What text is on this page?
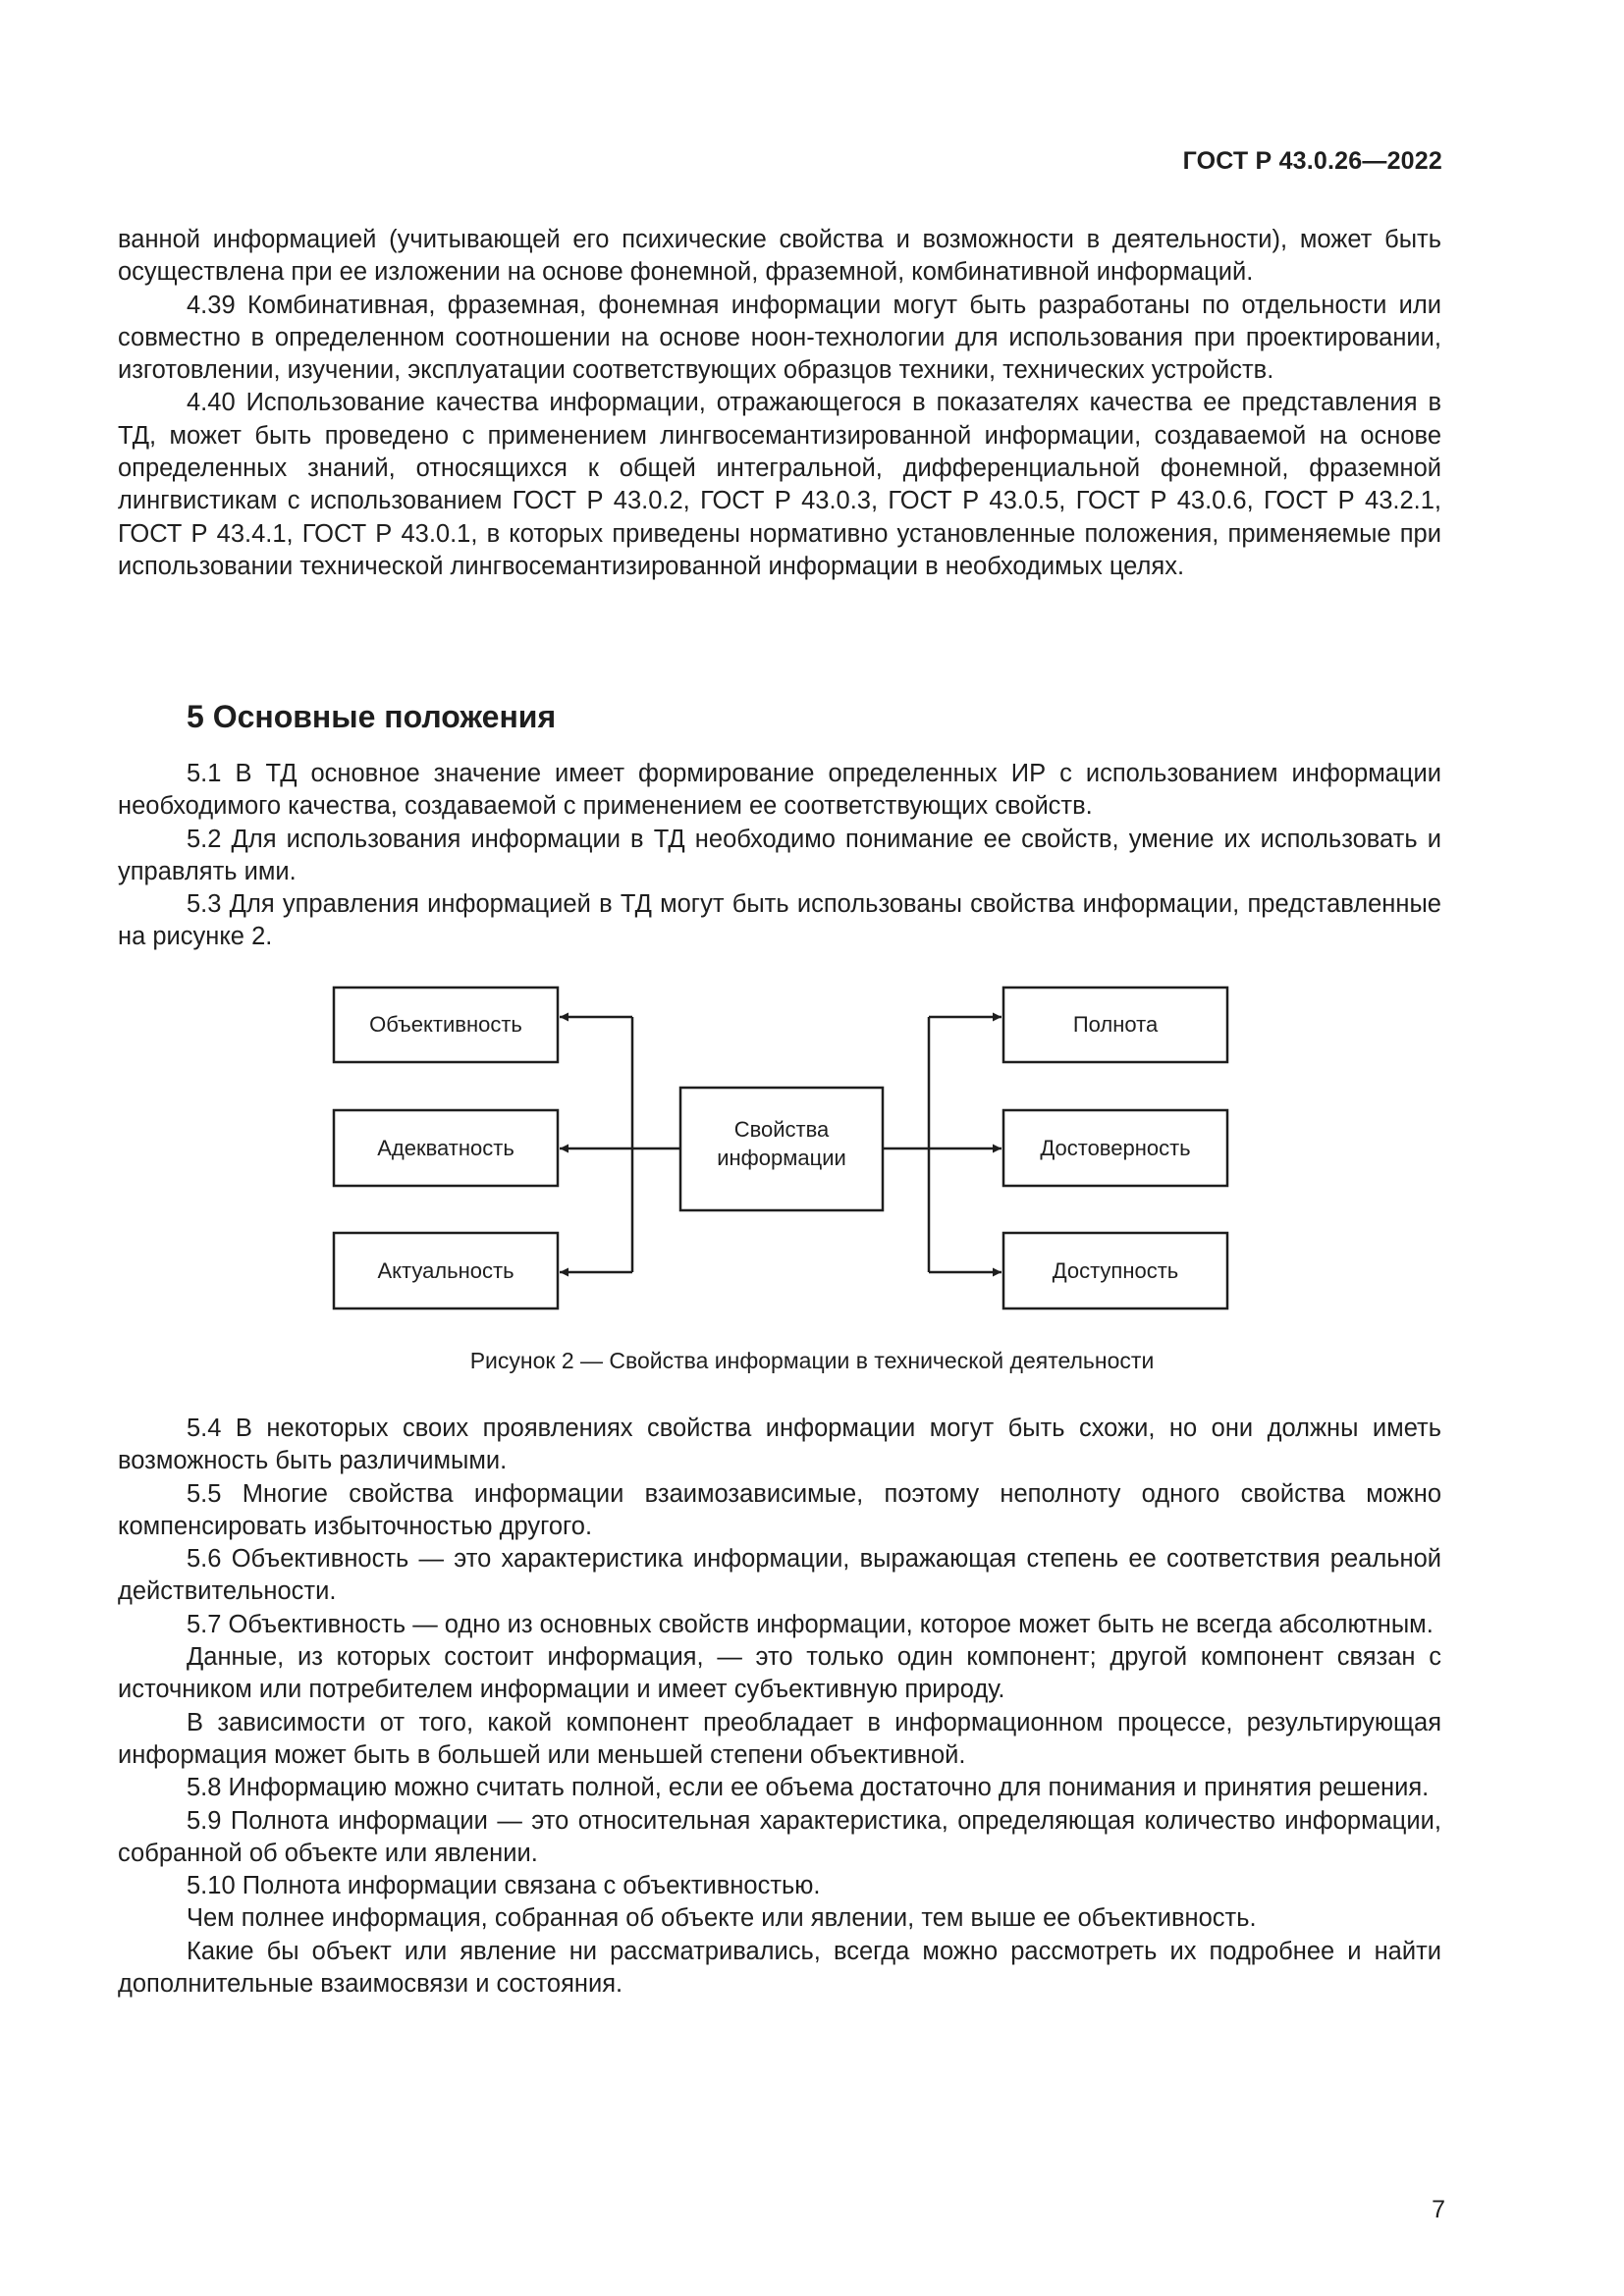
ГОСТ Р 43.0.26—2022

ванной информацией (учитывающей его психические свойства и возможности в деятельности), может быть осуществлена при ее изложении на основе фонемной, фраземной, комбинативной информаций.

4.39 Комбинативная, фраземная, фонемная информации могут быть разработаны по отдельности или совместно в определенном соотношении на основе ноон-технологии для использования при проектировании, изготовлении, изучении, эксплуатации соответствующих образцов техники, технических устройств.

4.40 Использование качества информации, отражающегося в показателях качества ее представления в ТД, может быть проведено с применением лингвосемантизированной информации, создаваемой на основе определенных знаний, относящихся к общей интегральной, дифференциальной фонемной, фраземной лингвистикам с использованием ГОСТ Р 43.0.2, ГОСТ Р 43.0.3, ГОСТ Р 43.0.5, ГОСТ Р 43.0.6, ГОСТ Р 43.2.1, ГОСТ Р 43.4.1, ГОСТ Р 43.0.1, в которых приведены нормативно установленные положения, применяемые при использовании технической лингвосемантизированной информации в необходимых целях.

5 Основные положения

5.1 В ТД основное значение имеет формирование определенных ИР с использованием информации необходимого качества, создаваемой с применением ее соответствующих свойств.

5.2 Для использования информации в ТД необходимо понимание ее свойств, умение их использовать и управлять ими.

5.3 Для управления информацией в ТД могут быть использованы свойства информации, представленные на рисунке 2.

Свойства
информации
Объективность
Адекватность
Актуальность
Полнота
Достоверность
Доступность
Рисунок 2 — Свойства информации в технической деятельности

5.4 В некоторых своих проявлениях свойства информации могут быть схожи, но они должны иметь возможность быть различимыми.

5.5 Многие свойства информации взаимозависимые, поэтому неполноту одного свойства можно компенсировать избыточностью другого.

5.6 Объективность — это характеристика информации, выражающая степень ее соответствия реальной действительности.

5.7 Объективность — одно из основных свойств информации, которое может быть не всегда абсолютным.

Данные, из которых состоит информация, — это только один компонент; другой компонент связан с источником или потребителем информации и имеет субъективную природу.

В зависимости от того, какой компонент преобладает в информационном процессе, результирующая информация может быть в большей или меньшей степени объективной.

5.8 Информацию можно считать полной, если ее объема достаточно для понимания и принятия решения.

5.9 Полнота информации — это относительная характеристика, определяющая количество информации, собранной об объекте или явлении.

5.10 Полнота информации связана с объективностью.

Чем полнее информация, собранная об объекте или явлении, тем выше ее объективность.

Какие бы объект или явление ни рассматривались, всегда можно рассмотреть их подробнее и найти дополнительные взаимосвязи и состояния.

7
